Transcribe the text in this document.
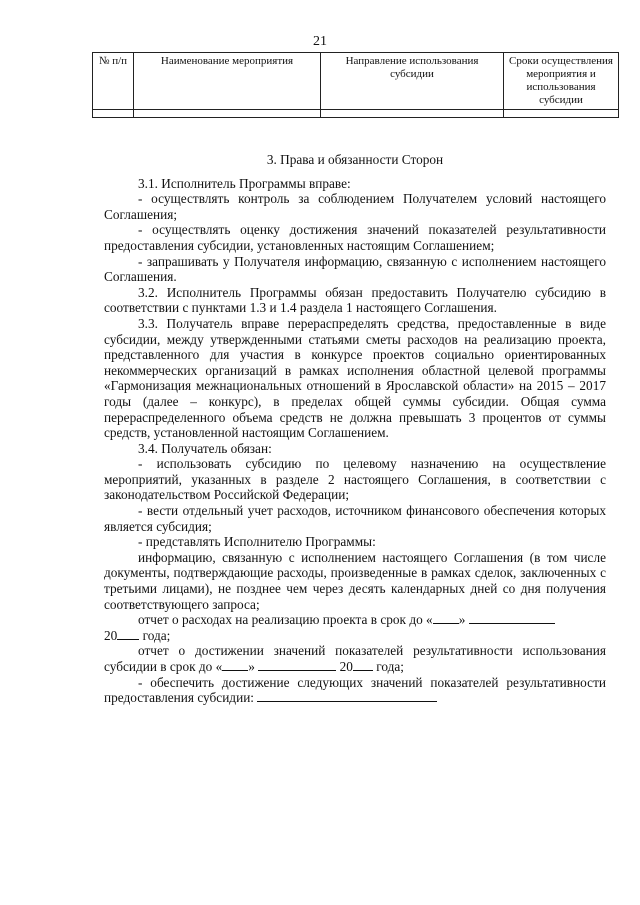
21
№ п/п	Наименование мероприятия	Направление использования субсидии	Сроки осуществления мероприятия и использования субсидии

3. Права и обязанности Сторон

3.1. Исполнитель Программы вправе:

- осуществлять контроль за соблюдением Получателем условий настоящего Соглашения;

- осуществлять оценку достижения значений показателей результативности предоставления субсидии, установленных настоящим Соглашением;

- запрашивать у Получателя информацию, связанную с исполнением настоящего Соглашения.

3.2. Исполнитель Программы обязан предоставить Получателю субсидию в соответствии с пунктами 1.3 и 1.4 раздела 1 настоящего Соглашения.

3.3. Получатель вправе перераспределять средства, предоставленные в виде субсидии, между утвержденными статьями сметы расходов на реализацию проекта, представленного для участия в конкурсе проектов социально ориентированных некоммерческих организаций в рамках исполнения областной целевой программы «Гармонизация межнациональных отношений в Ярославской области» на 2015 – 2017 годы (далее – конкурс), в пределах общей суммы субсидии. Общая сумма перераспределенного объема средств не должна превышать 3 процентов от суммы средств, установленной настоящим Соглашением.

3.4. Получатель обязан:

- использовать субсидию по целевому назначению на осуществление мероприятий, указанных в разделе 2 настоящего Соглашения, в соответствии с законодательством Российской Федерации;

- вести отдельный учет расходов, источником финансового обеспечения которых является субсидия;

- представлять Исполнителю Программы:

информацию, связанную с исполнением настоящего Соглашения (в том числе документы, подтверждающие расходы, произведенные в рамках сделок, заключенных с третьими лицами), не позднее чем через десять календарных дней со дня получения соответствующего запроса;

отчет о расходах на реализацию проекта в срок до « »

20 года;

отчет о достижении значений показателей результативности использования субсидии в срок до « »	20 года;

- обеспечить достижение следующих значений показателей результативности предоставления субсидии:
